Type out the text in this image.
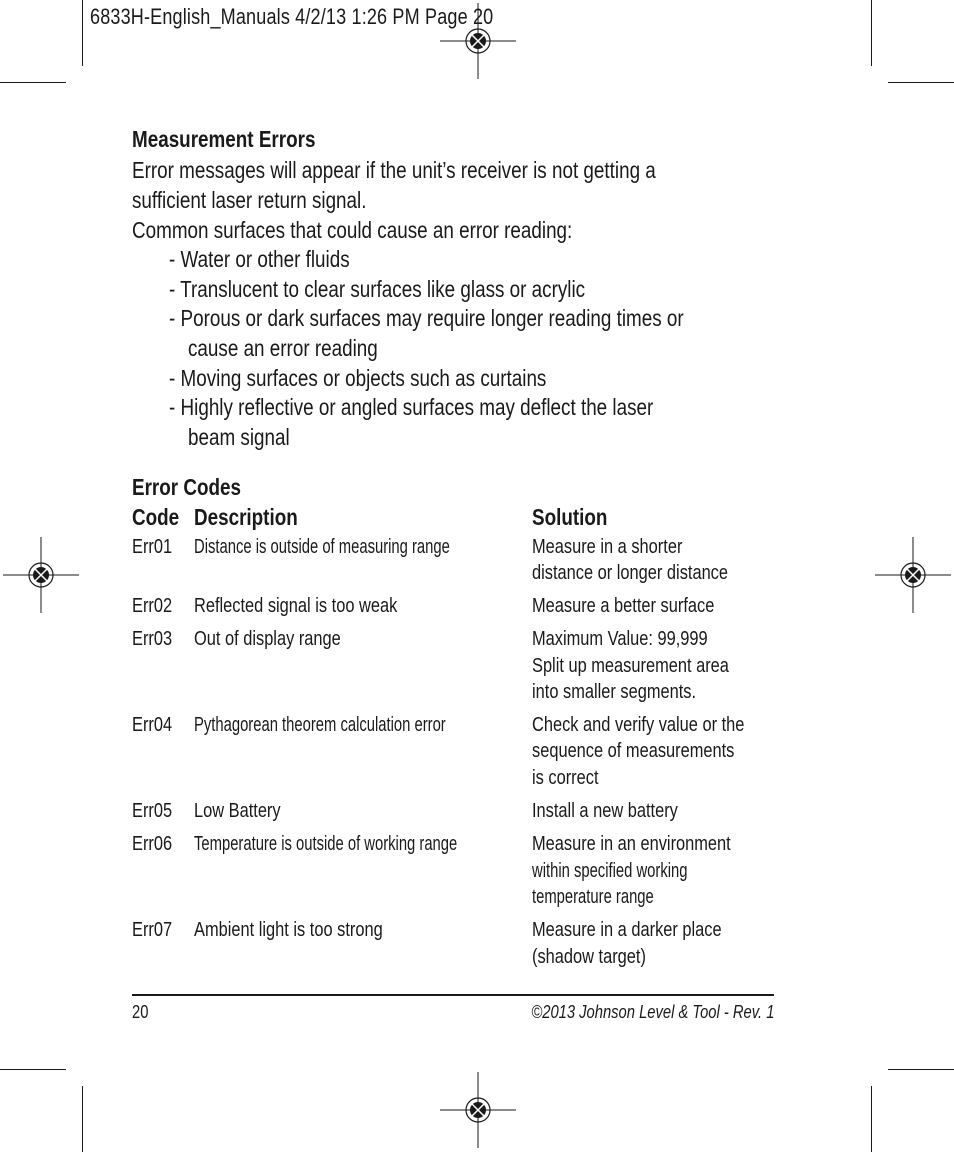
6833H-English_Manuals 4/2/13 1:26 PM Page 20
Measurement Errors
Error messages will appear if the unit’s receiver is not getting a
sufficient laser return signal.
Common surfaces that could cause an error reading:
- Water or other fluids
- Translucent to clear surfaces like glass or acrylic
- Porous or dark surfaces may require longer reading times or
cause an error reading
- Moving surfaces or objects such as curtains
- Highly reflective or angled surfaces may deflect the laser
beam signal
Error Codes
Code Description	Solution
Err01	Distance is outside of measuring range	Measure in a shorter
distance or longer distance
Err02	Reflected signal is too weak	Measure a better surface
Err03	Out of display range	Maximum Value: 99,999
Split up measurement area
into smaller segments.
Err04	Pythagorean theorem calculation error	Check and verify value or the
sequence of measurements
is correct
Err05	Low Battery	Install a new battery
Err06	Temperature is outside of working range	Measure in an environment
within specified working
temperature range
Err07	Ambient light is too strong	Measure in a darker place
(shadow target)
20	©2013 Johnson Level & Tool - Rev. 1
